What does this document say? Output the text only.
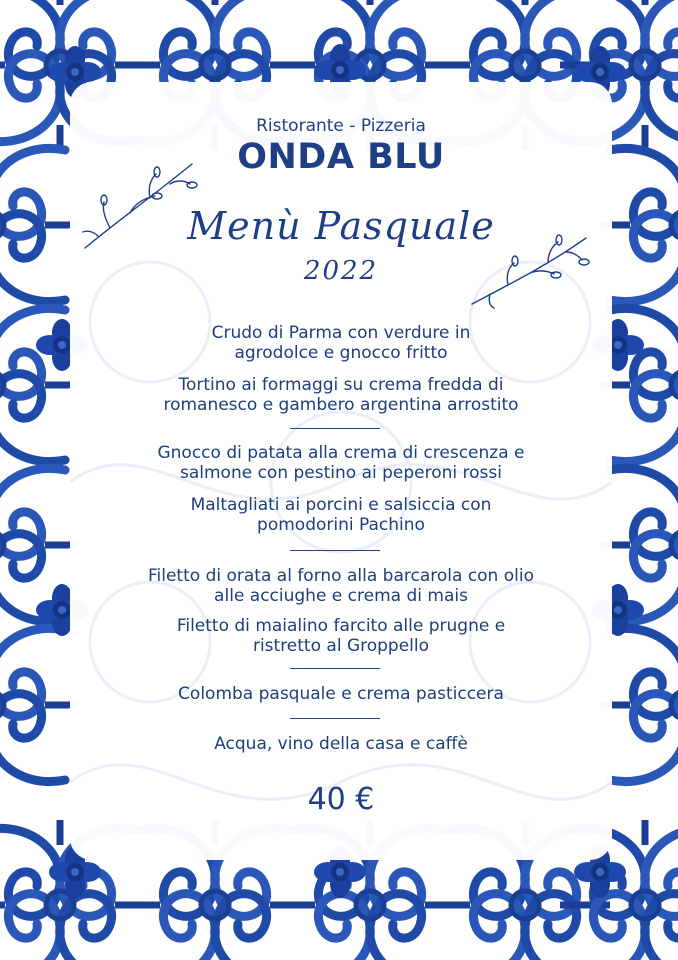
Ristorante - Pizzeria
ONDA BLU
Menù Pasquale
2022
Crudo di Parma con verdure in
agrodolce e gnocco fritto
Tortino ai formaggi su crema fredda di
romanesco e gambero argentina arrostito
Gnocco di patata alla crema di crescenza e
salmone con pestino ai peperoni rossi
Maltagliati ai porcini e salsiccia con
pomodorini Pachino
Filetto di orata al forno alla barcarola con olio
alle acciughe e crema di mais
Filetto di maialino farcito alle prugne e
ristretto al Groppello
Colomba pasquale e crema pasticcera
Acqua, vino della casa e caffè
40 €
